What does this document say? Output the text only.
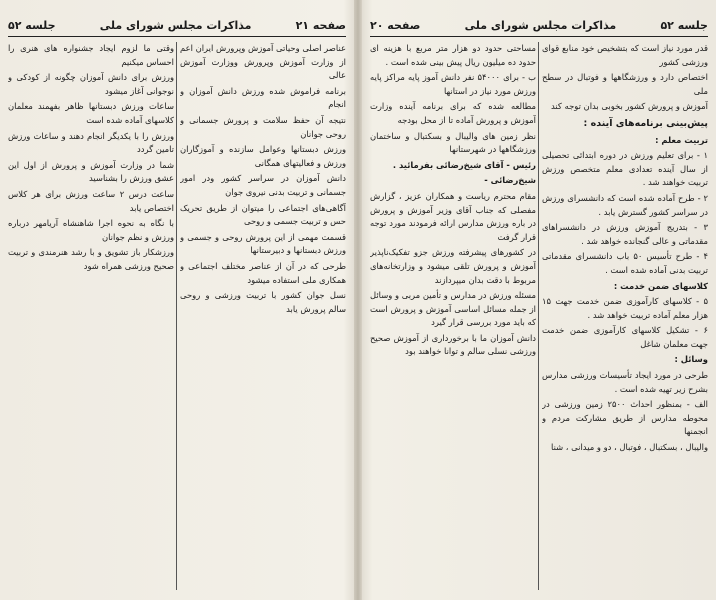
صفحه ۲۱
مذاکرات مجلس شورای ملی
جلسه ۵۲

عناصر اصلی وحیاتی آموزش وپرورش ایران اعم از وزارت آموزش وپرورش ووزارت آموزش عالی

برنامه فراموش شده ورزش دانش آموزان و انجام

نتیجه آن حفظ سلامت و پرورش جسمانی و روحی جوانان

ورزش دبستانها وعوامل سازنده و آموزگاران ورزش و فعالیتهای همگانی

دانش آموزان در سراسر کشور ودر امور جسمانی و تربیت بدنی نیروی جوان

آگاهی‌های اجتماعی را میتوان از طریق تحریک حس و تربیت جسمی و روحی

قسمت مهمی از این پرورش روحی و جسمی و ورزش دبستانها و دبیرستانها

طرحی که در آن از عناصر مختلف اجتماعی و همکاری ملی استفاده میشود

نسل جوان کشور با تربیت ورزشی و روحی سالم پرورش یابد

وقتی ما لزوم ایجاد جشنواره های هنری را احساس میکنیم

ورزش برای دانش آموزان چگونه از کودکی و نوجوانی آغاز میشود

ساعات ورزش دبستانها ظاهر بفهمند معلمان کلاسهای آماده شده است

ورزش را با یکدیگر انجام دهند و ساعات ورزش تامین گردد

شما در وزارت آموزش و پرورش از اول این عشق ورزش را بشناسید

ساعت درس ۲ ساعت ورزش برای هر کلاس اختصاص یابد

با نگاه به نحوه اجرا شاهنشاه آریامهر درباره ورزش و نظم جوانان

ورزشکار باز تشویق و با رشد هنرمندی و تربیت صحیح ورزشی همراه شود

جلسه ۵۲
مذاکرات مجلس شورای ملی
صفحه ۲۰

قدر مورد نیاز است که بتشخیص خود منابع قوای ورزشی کشور

اختصاص دارد و ورزشگاهها و فوتبال در سطح ملی

آموزش و پرورش کشور بخوبی بدان توجه کند

پیش‌بینی برنامه‌های آینده :

تربیت معلم :

۱ - برای تعلیم ورزش در دوره ابتدائی تحصیلی از سال آینده تعدادی معلم متخصص ورزش تربیت خواهند شد .

۲ - طرح آماده شده است که دانشسرای ورزش در سراسر کشور گسترش یابد .

۳ - بتدریج آموزش ورزش در دانشسراهای مقدماتی و عالی گنجانده خواهد شد .

۴ - طرح تأسیس ۵۰ باب دانشسرای مقدماتی تربیت بدنی آماده شده است .

کلاسهای ضمن خدمت :

۵ - کلاسهای کارآموزی ضمن خدمت جهت ۱۵ هزار معلم آماده تربیت خواهد شد .

۶ - تشکیل کلاسهای کارآموزی ضمن خدمت جهت معلمان شاغل

وسائل :

طرحی در مورد ایجاد تأسیسات ورزشی مدارس بشرح زیر تهیه شده است .

الف - بمنظور احداث ۲۵۰۰ زمین ورزشی در محوطه مدارس از طریق مشارکت مردم و انجمنها

والیبال ، بسکتبال ، فوتبال ، دو و میدانی ، شنا

مساحتی حدود دو هزار متر مربع با هزینه ای حدود ده میلیون ریال پیش بینی شده است .

ب - برای ۵۴۰۰۰ نفر دانش آموز پایه مراکز پایه ورزش مورد نیاز در استانها

مطالعه شده که برای برنامه آینده وزارت آموزش و پرورش آماده تا از محل بودجه

نظر زمین های والیبال و بسکتبال و ساختمان ورزشگاهها در شهرستانها

رئیس - آقای شیخ‌رضائی بفرمائید .

شیخ‌رضائی -

مقام محترم ریاست و همکاران عزیز ، گزارش مفصلی که جناب آقای وزیر آموزش و پرورش در باره ورزش مدارس ارائه فرمودند مورد توجه قرار گرفت

در کشورهای پیشرفته ورزش جزو تفکیک‌ناپذیر آموزش و پرورش تلقی میشود و وزارتخانه‌های مربوط با دقت بدان میپردازند

مسئله ورزش در مدارس و تأمین مربی و وسائل از جمله مسائل اساسی آموزش و پرورش است که باید مورد بررسی قرار گیرد

دانش آموزان ما با برخورداری از آموزش صحیح ورزشی نسلی سالم و توانا خواهند بود
